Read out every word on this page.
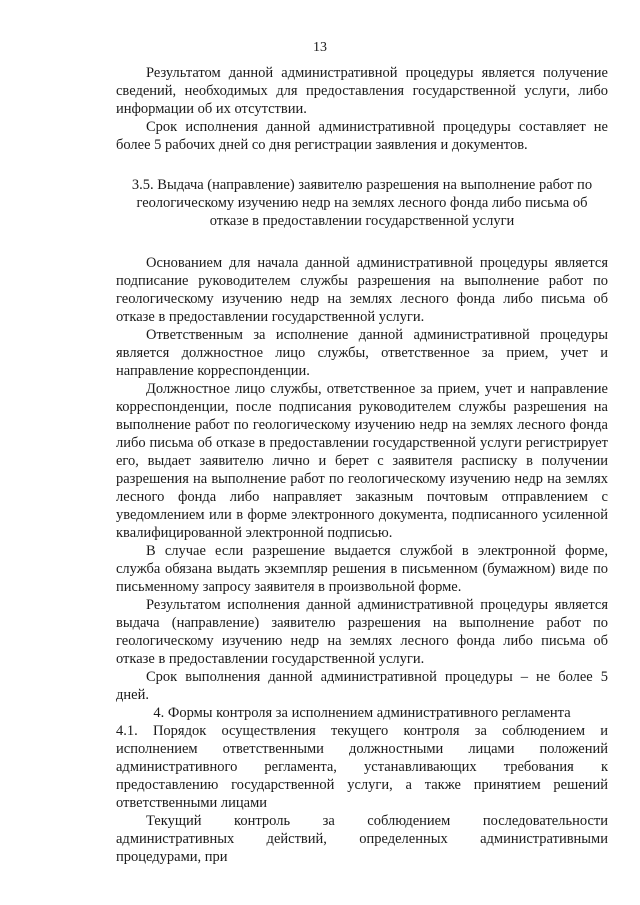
13

Результатом данной административной процедуры является получение сведений, необходимых для предоставления государственной услуги, либо информации об их отсутствии.

Срок исполнения данной административной процедуры составляет не более 5 рабочих дней со дня регистрации заявления и документов.

3.5. Выдача (направление) заявителю разрешения на выполнение работ по геологическому изучению недр на землях лесного фонда либо письма об отказе в предоставлении государственной услуги

Основанием для начала данной административной процедуры является подписание руководителем службы разрешения на выполнение работ по геологическому изучению недр на землях лесного фонда либо письма об отказе в предоставлении государственной услуги.

Ответственным за исполнение данной административной процедуры является должностное лицо службы, ответственное за прием, учет и направление корреспонденции.

Должностное лицо службы, ответственное за прием, учет и направление корреспонденции, после подписания руководителем службы разрешения на выполнение работ по геологическому изучению недр на землях лесного фонда либо письма об отказе в предоставлении государственной услуги регистрирует его, выдает заявителю лично и берет с заявителя расписку в получении разрешения на выполнение работ по геологическому изучению недр на землях лесного фонда либо направляет заказным почтовым отправлением с уведомлением или в форме электронного документа, подписанного усиленной квалифицированной электронной подписью.

В случае если разрешение выдается службой в электронной форме, служба обязана выдать экземпляр решения в письменном (бумажном) виде по письменному запросу заявителя в произвольной форме.

Результатом исполнения данной административной процедуры является выдача (направление) заявителю разрешения на выполнение работ по геологическому изучению недр на землях лесного фонда либо письма об отказе в предоставлении государственной услуги.

Срок выполнения данной административной процедуры – не более 5 дней.

4. Формы контроля за исполнением административного регламента

4.1. Порядок осуществления текущего контроля за соблюдением и исполнением ответственными должностными лицами положений административного регламента, устанавливающих требования к предоставлению государственной услуги, а также принятием решений ответственными лицами

Текущий контроль за соблюдением последовательности административных действий, определенных административными процедурами, при
